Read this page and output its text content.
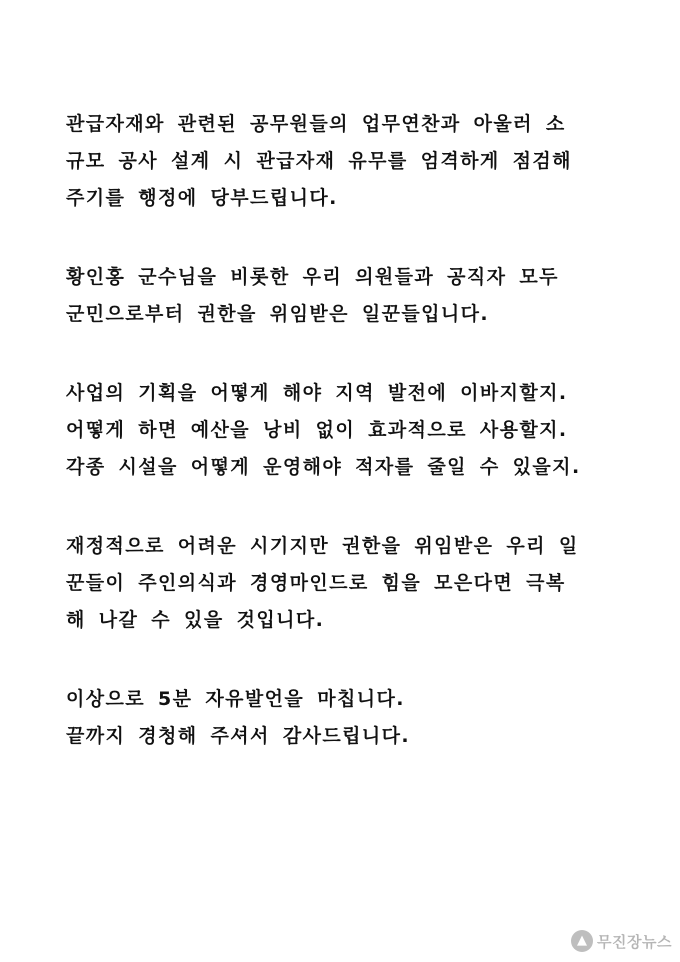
관급자재와 관련된 공무원들의 업무연찬과 아울러 소
규모 공사 설계 시 관급자재 유무를 엄격하게 점검해
주기를 행정에 당부드립니다.
황인홍 군수님을 비롯한 우리 의원들과 공직자 모두
군민으로부터 권한을 위임받은 일꾼들입니다.
사업의 기획을 어떻게 해야 지역 발전에 이바지할지.
어떻게 하면 예산을 낭비 없이 효과적으로 사용할지.
각종 시설을 어떻게 운영해야 적자를 줄일 수 있을지.
재정적으로 어려운 시기지만 권한을 위임받은 우리 일
꾼들이 주인의식과 경영마인드로 힘을 모은다면 극복
해 나갈 수 있을 것입니다.
이상으로 5분 자유발언을 마칩니다.
끝까지 경청해 주셔서 감사드립니다.
▲ 무진장뉴스
